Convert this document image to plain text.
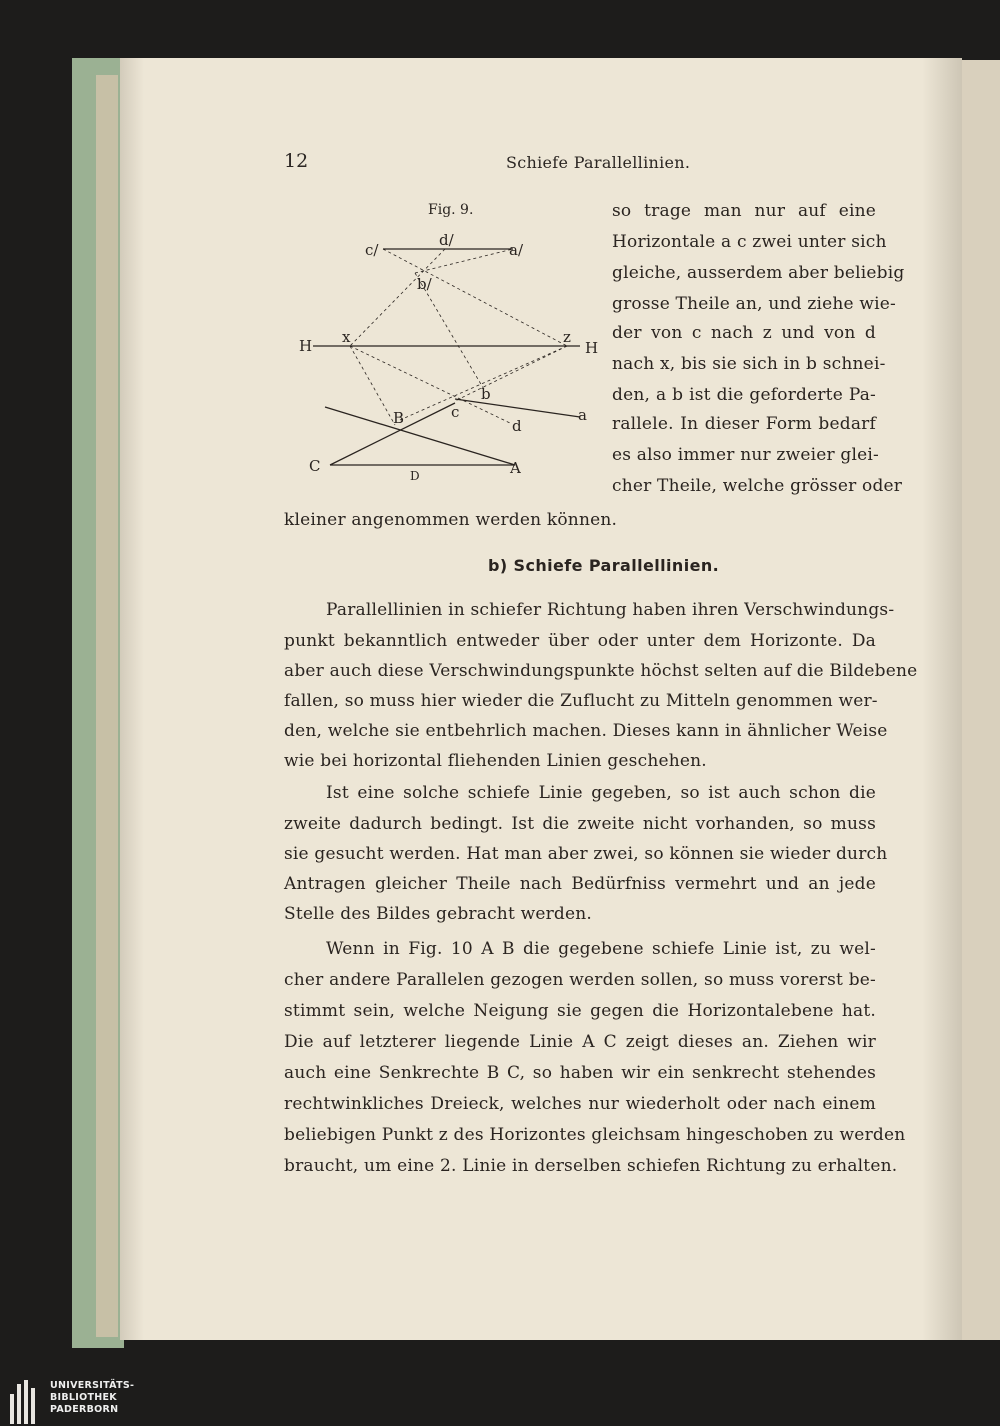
12	Schiefe Parallellinien.
Fig. 9.
c/
d/
a/
b/
H x	z
H
b
c	a
d
B
C
D	A
so trage man nur auf eine
Horizontale a c zwei unter sich
gleiche, ausserdem aber beliebig
grosse Theile an, und ziehe wie-
der von c nach z und von d
nach x, bis sie sich in b schnei-
den, a b ist die geforderte Pa-
rallele. In dieser Form bedarf
es also immer nur zweier glei-
cher Theile, welche grösser oder
kleiner angenommen werden können.
b) Schiefe Parallellinien.
Parallellinien in schiefer Richtung haben ihren Verschwindungs-
punkt bekanntlich entweder über oder unter dem Horizonte. Da
aber auch diese Verschwindungspunkte höchst selten auf die Bildebene
fallen, so muss hier wieder die Zuflucht zu Mitteln genommen wer-
den, welche sie entbehrlich machen. Dieses kann in ähnlicher Weise
wie bei horizontal fliehenden Linien geschehen.
Ist eine solche schiefe Linie gegeben, so ist auch schon die
zweite dadurch bedingt. Ist die zweite nicht vorhanden, so muss
sie gesucht werden. Hat man aber zwei, so können sie wieder durch
Antragen gleicher Theile nach Bedürfniss vermehrt und an jede
Stelle des Bildes gebracht werden.
Wenn in Fig. 10 A B die gegebene schiefe Linie ist, zu wel-
cher andere Parallelen gezogen werden sollen, so muss vorerst be-
stimmt sein, welche Neigung sie gegen die Horizontalebene hat.
Die auf letzterer liegende Linie A C zeigt dieses an. Ziehen wir
auch eine Senkrechte B C, so haben wir ein senkrecht stehendes
rechtwinkliches Dreieck, welches nur wiederholt oder nach einem
beliebigen Punkt z des Horizontes gleichsam hingeschoben zu werden
braucht, um eine 2. Linie in derselben schiefen Richtung zu erhalten.
UNIVERSITÄTS-
BIBLIOTHEK
PADERBORN
